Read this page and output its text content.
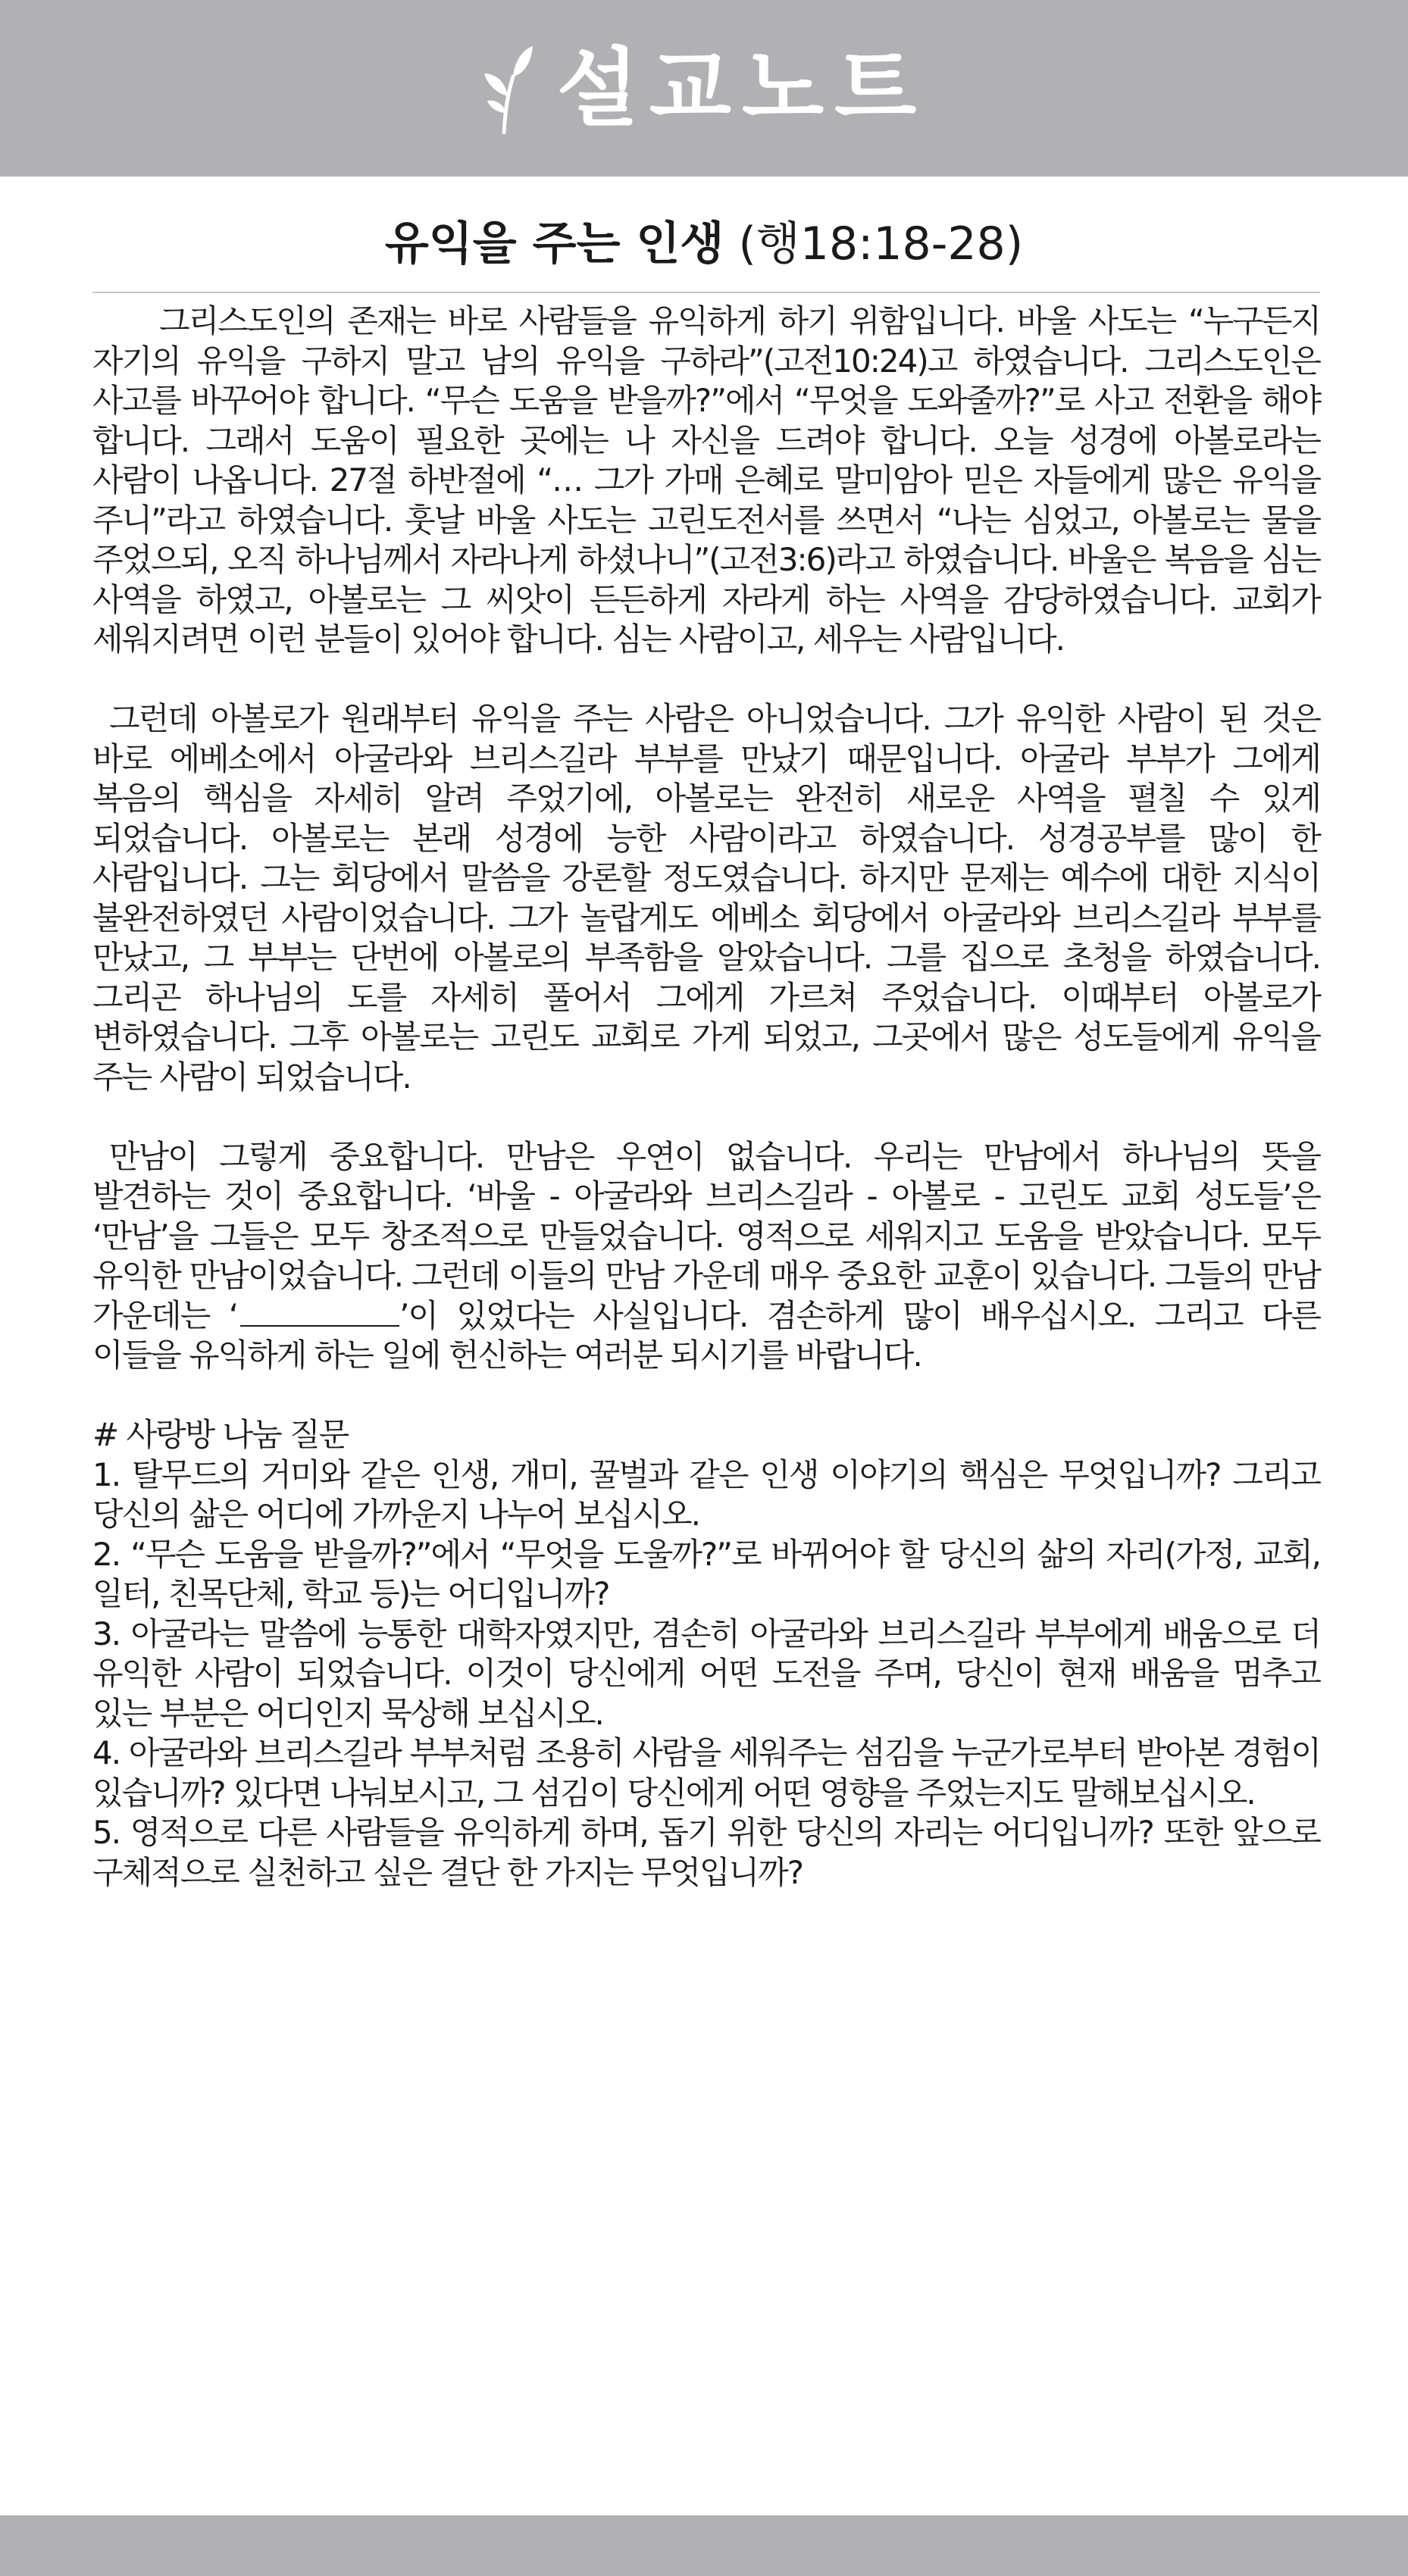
설교노트
유익을 주는 인생 (행18:18-28)

그리스도인의 존재는 바로 사람들을 유익하게 하기 위함입니다. 바울 사도는 “누구든지 자기의 유익을 구하지 말고 남의 유익을 구하라”(고전10:24)고 하였습니다. 그리스도인은 사고를 바꾸어야 합니다. “무슨 도움을 받을까?”에서 “무엇을 도와줄까?”로 사고 전환을 해야 합니다. 그래서 도움이 필요한 곳에는 나 자신을 드려야 합니다. 오늘 성경에 아볼로라는 사람이 나옵니다. 27절 하반절에 “… 그가 가매 은혜로 말미암아 믿은 자들에게 많은 유익을 주니”라고 하였습니다. 훗날 바울 사도는 고린도전서를 쓰면서 “나는 심었고, 아볼로는 물을 주었으되, 오직 하나님께서 자라나게 하셨나니”(고전3:6)라고 하였습니다. 바울은 복음을 심는 사역을 하였고, 아볼로는 그 씨앗이 든든하게 자라게 하는 사역을 감당하였습니다. 교회가 세워지려면 이런 분들이 있어야 합니다. 심는 사람이고, 세우는 사람입니다.

그런데 아볼로가 원래부터 유익을 주는 사람은 아니었습니다. 그가 유익한 사람이 된 것은 바로 에베소에서 아굴라와 브리스길라 부부를 만났기 때문입니다. 아굴라 부부가 그에게 복음의 핵심을 자세히 알려 주었기에, 아볼로는 완전히 새로운 사역을 펼칠 수 있게 되었습니다. 아볼로는 본래 성경에 능한 사람이라고 하였습니다. 성경공부를 많이 한 사람입니다. 그는 회당에서 말씀을 강론할 정도였습니다. 하지만 문제는 예수에 대한 지식이 불완전하였던 사람이었습니다. 그가 놀랍게도 에베소 회당에서 아굴라와 브리스길라 부부를 만났고, 그 부부는 단번에 아볼로의 부족함을 알았습니다. 그를 집으로 초청을 하였습니다. 그리곤 하나님의 도를 자세히 풀어서 그에게 가르쳐 주었습니다. 이때부터 아볼로가 변하였습니다. 그후 아볼로는 고린도 교회로 가게 되었고, 그곳에서 많은 성도들에게 유익을 주는 사람이 되었습니다.

만남이 그렇게 중요합니다. 만남은 우연이 없습니다. 우리는 만남에서 하나님의 뜻을 발견하는 것이 중요합니다. ‘바울 - 아굴라와 브리스길라 - 아볼로 - 고린도 교회 성도들’은 ‘만남’을 그들은 모두 창조적으로 만들었습니다. 영적으로 세워지고 도움을 받았습니다. 모두 유익한 만남이었습니다. 그런데 이들의 만남 가운데 매우 중요한 교훈이 있습니다. 그들의 만남 가운데는 ‘	’이 있었다는 사실입니다. 겸손하게 많이 배우십시오. 그리고 다른 이들을 유익하게 하는 일에 헌신하는 여러분 되시기를 바랍니다.

# 사랑방 나눔 질문

1. 탈무드의 거미와 같은 인생, 개미, 꿀벌과 같은 인생 이야기의 핵심은 무엇입니까? 그리고 당신의 삶은 어디에 가까운지 나누어 보십시오.

2. “무슨 도움을 받을까?”에서 “무엇을 도울까?”로 바뀌어야 할 당신의 삶의 자리(가정, 교회, 일터, 친목단체, 학교 등)는 어디입니까?

3. 아굴라는 말씀에 능통한 대학자였지만, 겸손히 아굴라와 브리스길라 부부에게 배움으로 더 유익한 사람이 되었습니다. 이것이 당신에게 어떤 도전을 주며, 당신이 현재 배움을 멈추고 있는 부분은 어디인지 묵상해 보십시오.

4. 아굴라와 브리스길라 부부처럼 조용히 사람을 세워주는 섬김을 누군가로부터 받아본 경험이 있습니까? 있다면 나눠보시고, 그 섬김이 당신에게 어떤 영향을 주었는지도 말해보십시오.

5. 영적으로 다른 사람들을 유익하게 하며, 돕기 위한 당신의 자리는 어디입니까? 또한 앞으로 구체적으로 실천하고 싶은 결단 한 가지는 무엇입니까?
